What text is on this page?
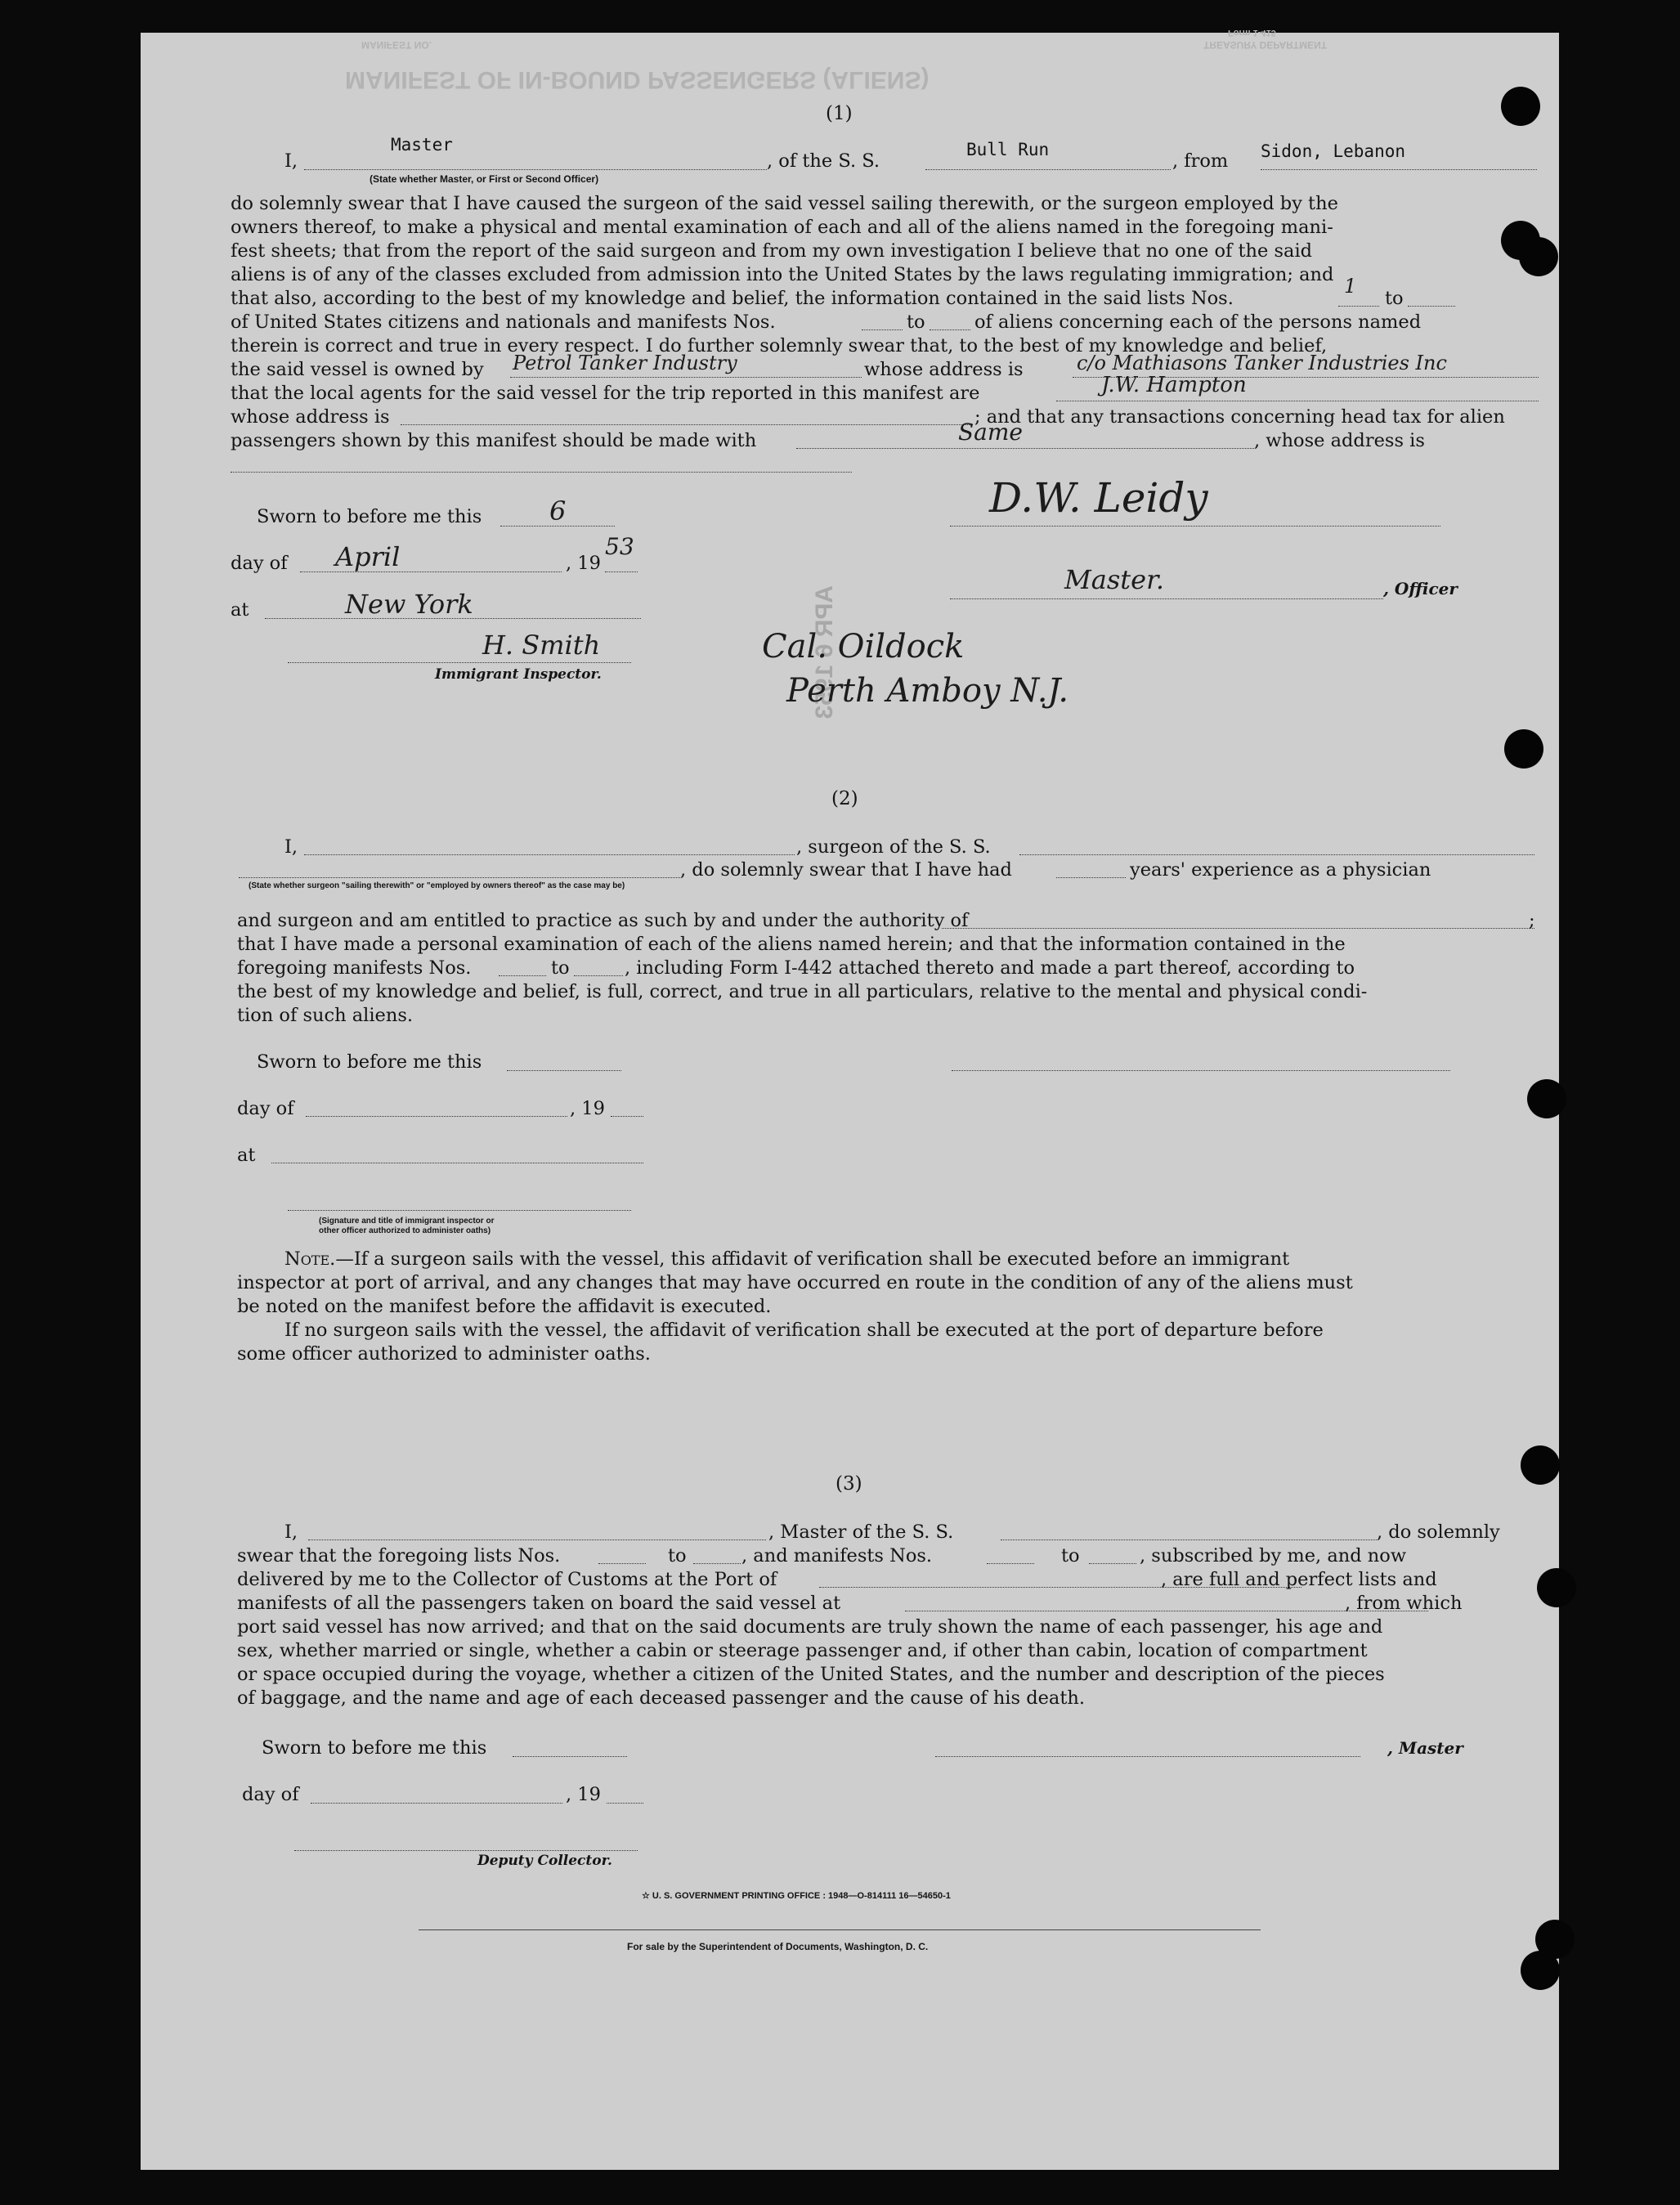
MANIFEST OF IN-BOUND PASSENGERS (ALIENS)
MANIFEST NO.	TREASURY DEPARTMENT
Form 1-415
APR 6 1953
(1)
I,
Master
(State whether Master, or First or Second Officer)
, of the S. S.
Bull Run
, from Sidon, Lebanon

do solemnly swear that I have caused the surgeon of the said vessel sailing therewith, or the surgeon employed by the

owners thereof, to make a physical and mental examination of each and all of the aliens named in the foregoing mani-

fest sheets; that from the report of the said surgeon and from my own investigation I believe that no one of the said

aliens is of any of the classes excluded from admission into the United States by the laws regulating immigration; and

that also, according to the best of my knowledge and belief, the information contained in the said lists Nos.
1
to
of United States citizens and nationals and manifests Nos.	to	of aliens concerning each of the persons named
therein is correct and true in every respect. I do further solemnly swear that, to the best of my knowledge and belief,
the said vessel is owned by Petrol Tanker Industry	whose address is	c/o Mathiasons Tanker Industries Inc
that the local agents for the said vessel for the trip reported in this manifest are	J.W. Hampton
whose address is	; and that any transactions concerning head tax for alien
passengers shown by this manifest should be made with	Same	, whose address is
Sworn to before me this	6
day of April	, 19
53
at	New York
H. Smith
Immigrant Inspector.
D.W. Leidy
Master.	, Officer
Cal. Oildock
Perth Amboy N.J.
(2)
I,	, surgeon of the S. S.
, do solemnly swear that I have had	years' experience as a physician
(State whether surgeon "sailing therewith" or "employed by owners thereof" as the case may be)
and surgeon and am entitled to practice as such by and under the authority of	;
that I have made a personal examination of each of the aliens named herein; and that the information contained in the
foregoing manifests Nos.	to	, including Form I-442 attached thereto and made a part thereof, according to
the best of my knowledge and belief, is full, correct, and true in all particulars, relative to the mental and physical condi-
tion of such aliens.
Sworn to before me this
day of	, 19
at
(Signature and title of immigrant inspector or
other officer authorized to administer oaths)
Note.—If a surgeon sails with the vessel, this affidavit of verification shall be executed before an immigrant
inspector at port of arrival, and any changes that may have occurred en route in the condition of any of the aliens must
be noted on the manifest before the affidavit is executed.
If no surgeon sails with the vessel, the affidavit of verification shall be executed at the port of departure before
some officer authorized to administer oaths.
(3)
I,	, Master of the S. S.	, do solemnly
swear that the foregoing lists Nos.	to	, and manifests Nos.	to	, subscribed by me, and now
delivered by me to the Collector of Customs at the Port of	, are full and perfect lists and
manifests of all the passengers taken on board the said vessel at	, from which
port said vessel has now arrived; and that on the said documents are truly shown the name of each passenger, his age and
sex, whether married or single, whether a cabin or steerage passenger and, if other than cabin, location of compartment
or space occupied during the voyage, whether a citizen of the United States, and the number and description of the pieces
of baggage, and the name and age of each deceased passenger and the cause of his death.
Sworn to before me this	, Master
day of	, 19
Deputy Collector.
☆ U. S. GOVERNMENT PRINTING OFFICE : 1948—O-814111 16—54650-1
For sale by the Superintendent of Documents, Washington, D. C.
